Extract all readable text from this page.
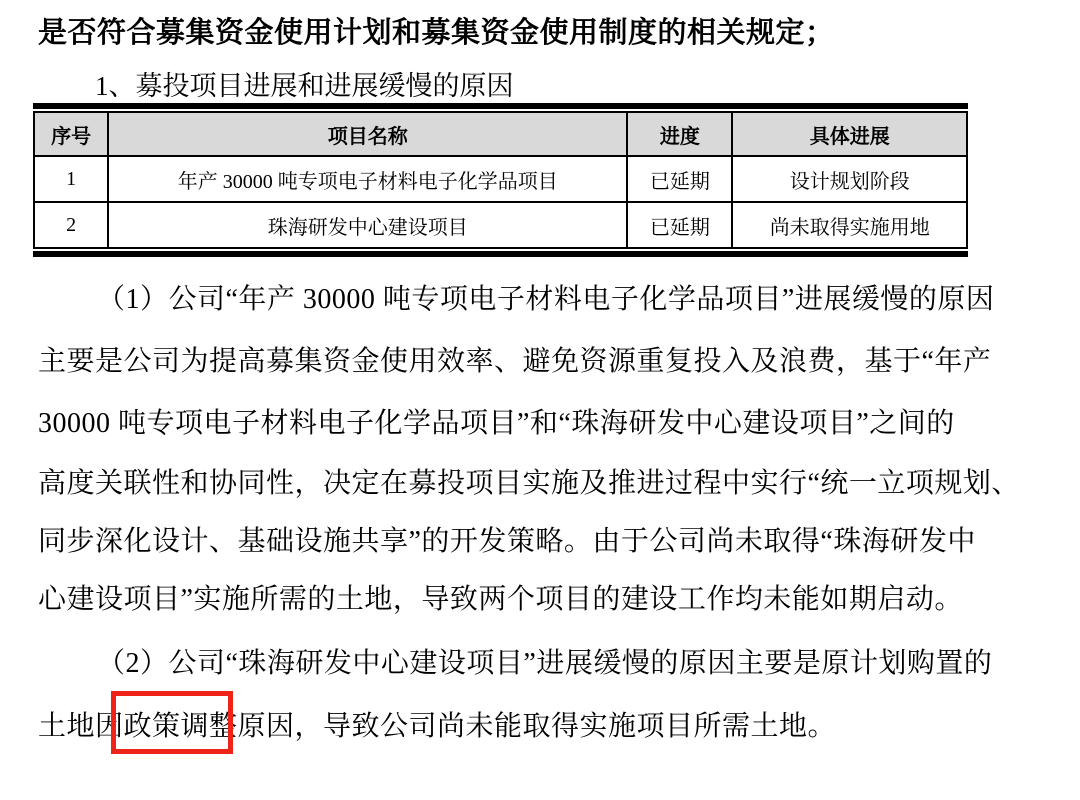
是否符合募集资金使用计划和募集资金使用制度的相关规定；
1、募投项目进展和进展缓慢的原因
序号	项目名称	进度	具体进展
1	年产 30000 吨专项电子材料电子化学品项目	已延期	设计规划阶段
2	珠海研发中心建设项目	已延期	尚未取得实施用地
（1）公司“年产 30000 吨专项电子材料电子化学品项目”进展缓慢的原因
主要是公司为提高募集资金使用效率、避免资源重复投入及浪费，基于“年产
30000 吨专项电子材料电子化学品项目”和“珠海研发中心建设项目”之间的
高度关联性和协同性，决定在募投项目实施及推进过程中实行“统一立项规划、
同步深化设计、基础设施共享”的开发策略。由于公司尚未取得“珠海研发中
心建设项目”实施所需的土地，导致两个项目的建设工作均未能如期启动。
（2）公司“珠海研发中心建设项目”进展缓慢的原因主要是原计划购置的
土地因政策调整原因，导致公司尚未能取得实施项目所需土地。
